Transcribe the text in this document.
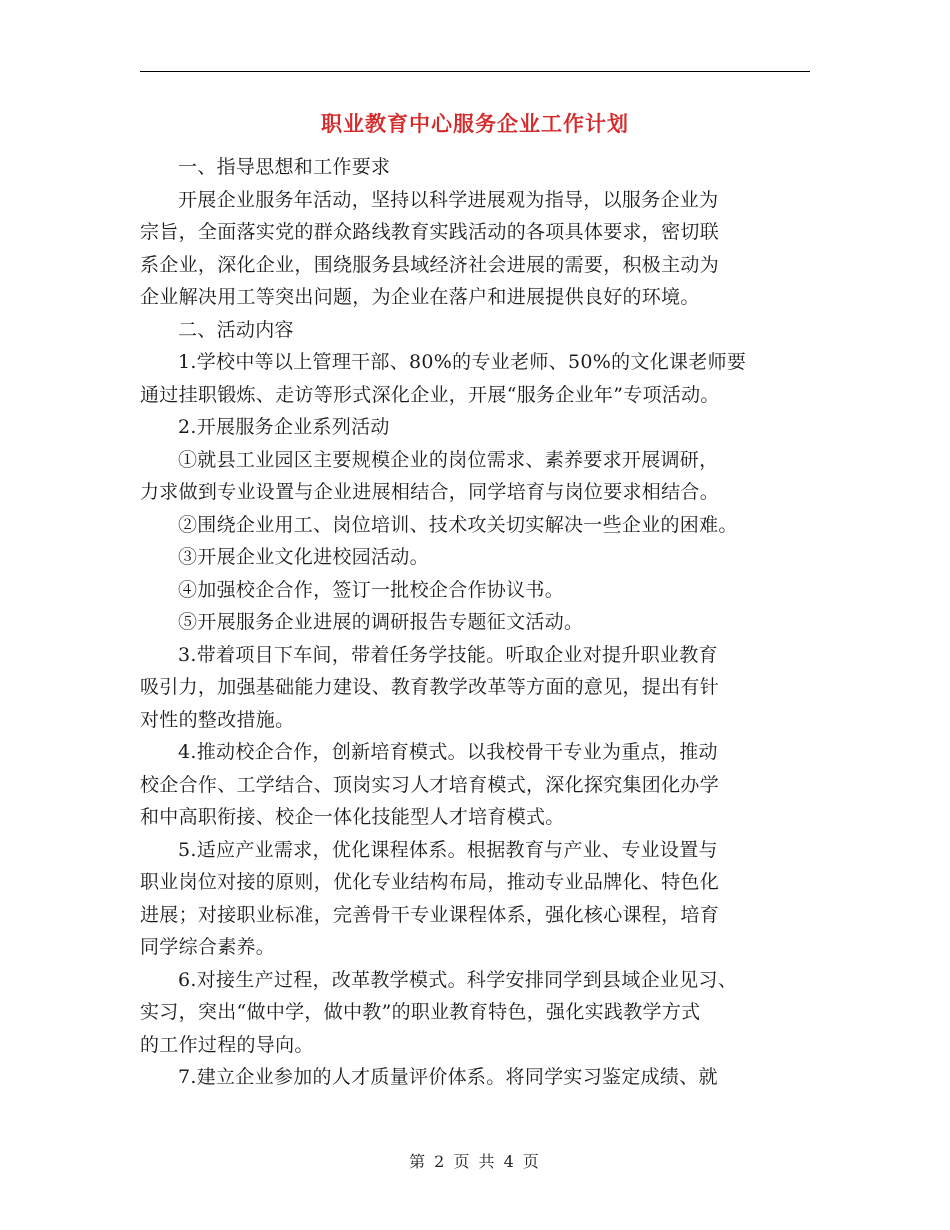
职业教育中心服务企业工作计划

一、指导思想和工作要求

开展企业服务年活动，坚持以科学进展观为指导，以服务企业为
宗旨，全面落实党的群众路线教育实践活动的各项具体要求，密切联
系企业，深化企业，围绕服务县域经济社会进展的需要，积极主动为
企业解决用工等突出问题，为企业在落户和进展提供良好的环境。

二、活动内容

1.学校中等以上管理干部、80%的专业老师、50%的文化课老师要
通过挂职锻炼、走访等形式深化企业，开展“服务企业年”专项活动。

2.开展服务企业系列活动

①就县工业园区主要规模企业的岗位需求、素养要求开展调研，
力求做到专业设置与企业进展相结合，同学培育与岗位要求相结合。

②围绕企业用工、岗位培训、技术攻关切实解决一些企业的困难。

③开展企业文化进校园活动。

④加强校企合作，签订一批校企合作协议书。

⑤开展服务企业进展的调研报告专题征文活动。

3.带着项目下车间，带着任务学技能。听取企业对提升职业教育
吸引力，加强基础能力建设、教育教学改革等方面的意见，提出有针
对性的整改措施。

4.推动校企合作，创新培育模式。以我校骨干专业为重点，推动
校企合作、工学结合、顶岗实习人才培育模式，深化探究集团化办学
和中高职衔接、校企一体化技能型人才培育模式。

5.适应产业需求，优化课程体系。根据教育与产业、专业设置与
职业岗位对接的原则，优化专业结构布局，推动专业品牌化、特色化
进展；对接职业标准，完善骨干专业课程体系，强化核心课程，培育
同学综合素养。

6.对接生产过程，改革教学模式。科学安排同学到县域企业见习、
实习，突出“做中学，做中教”的职业教育特色，强化实践教学方式
的工作过程的导向。

7.建立企业参加的人才质量评价体系。将同学实习鉴定成绩、就

第 2 页 共 4 页
